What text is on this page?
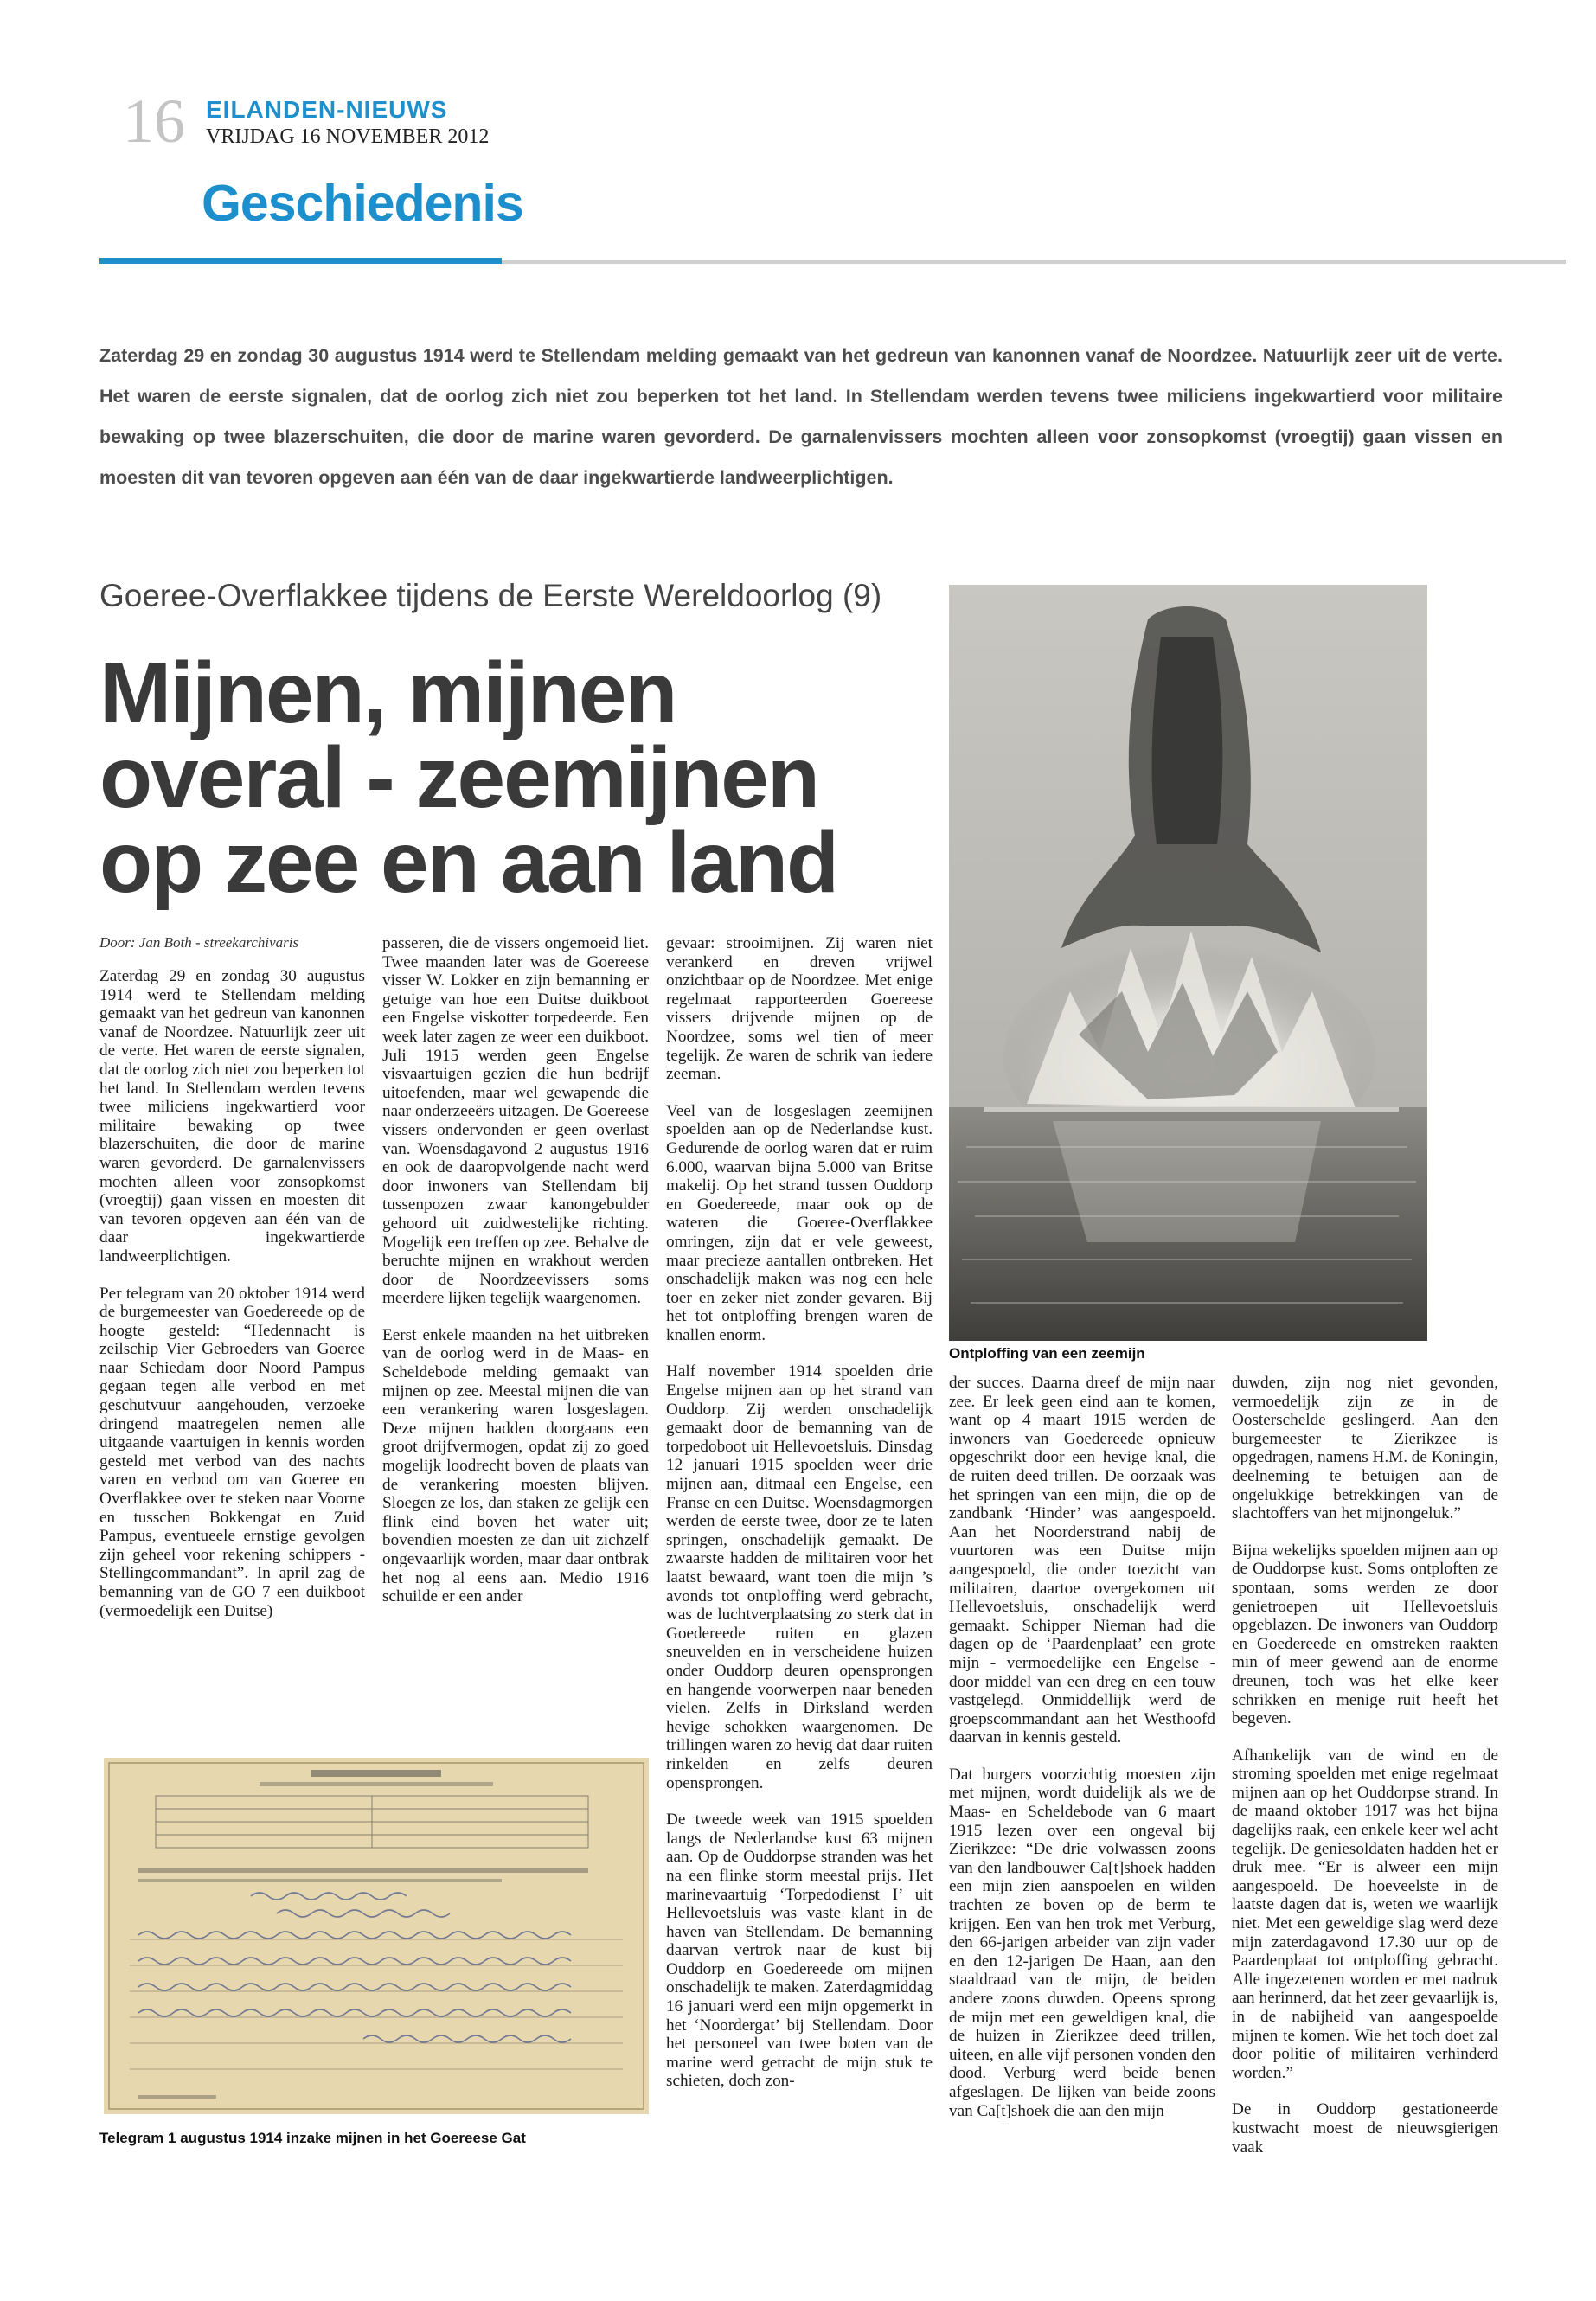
16 EILANDEN-NIEUWS
VRIJDAG 16 NOVEMBER 2012
Geschiedenis

Zaterdag 29 en zondag 30 augustus 1914 werd te Stellendam melding gemaakt van het gedreun van kanonnen vanaf de Noordzee. Natuurlijk zeer uit de verte. Het waren de eerste signalen, dat de oorlog zich niet zou beperken tot het land. In Stellendam werden tevens twee miliciens ingekwartierd voor militaire bewaking op twee blazerschuiten, die door de marine waren gevorderd. De garnalenvissers mochten alleen voor zonsopkomst (vroegtij) gaan vissen en moesten dit van tevoren opgeven aan één van de daar ingekwartierde landweerplichtigen.

Goeree-Overflakkee tijdens de Eerste Wereldoorlog (9)
Mijnen, mijnen overal - zeemijnen op zee en aan land
Door: Jan Both - streekarchivaris

Zaterdag 29 en zondag 30 augustus 1914 werd te Stellendam melding gemaakt van het gedreun van kanonnen vanaf de Noordzee. Natuurlijk zeer uit de verte. Het waren de eerste signalen, dat de oorlog zich niet zou beperken tot het land. In Stellendam werden tevens twee miliciens ingekwartierd voor militaire bewaking op twee blazerschuiten, die door de marine waren gevorderd. De garnalenvissers mochten alleen voor zonsopkomst (vroegtij) gaan vissen en moesten dit van tevoren opgeven aan één van de daar ingekwartierde landweerplichtigen.

Per telegram van 20 oktober 1914 werd de burgemeester van Goedereede op de hoogte gesteld: “Hedennacht is zeilschip Vier Gebroeders van Goeree naar Schiedam door Noord Pampus gegaan tegen alle verbod en met geschutvuur aangehouden, verzoeke dringend maatregelen nemen alle uitgaande vaartuigen in kennis worden gesteld met verbod van des nachts varen en verbod om van Goeree en Overflakkee over te steken naar Voorne en tusschen Bokkengat en Zuid Pampus, eventueele ernstige gevolgen zijn geheel voor rekening schippers - Stellingcommandant”. In april zag de bemanning van de GO 7 een duikboot (vermoedelijk een Duitse)

passeren, die de vissers ongemoeid liet. Twee maanden later was de Goereese visser W. Lokker en zijn bemanning er getuige van hoe een Duitse duikboot een Engelse viskotter torpedeerde. Een week later zagen ze weer een duikboot. Juli 1915 werden geen Engelse visvaartuigen gezien die hun bedrijf uitoefenden, maar wel gewapende die naar onderzeeërs uitzagen. De Goereese vissers ondervonden er geen overlast van. Woensdagavond 2 augustus 1916 en ook de daaropvolgende nacht werd door inwoners van Stellendam bij tussenpozen zwaar kanongebulder gehoord uit zuidwestelijke richting. Mogelijk een treffen op zee. Behalve de beruchte mijnen en wrakhout werden door de Noordzeevissers soms meerdere lijken tegelijk waargenomen.

Eerst enkele maanden na het uitbreken van de oorlog werd in de Maas- en Scheldebode melding gemaakt van mijnen op zee. Meestal mijnen die van een verankering waren losgeslagen. Deze mijnen hadden doorgaans een groot drijfvermogen, opdat zij zo goed mogelijk loodrecht boven de plaats van de verankering moesten blijven. Sloegen ze los, dan staken ze gelijk een flink eind boven het water uit; bovendien moesten ze dan uit zichzelf ongevaarlijk worden, maar daar ontbrak het nog al eens aan. Medio 1916 schuilde er een ander

gevaar: strooimijnen. Zij waren niet verankerd en dreven vrijwel onzichtbaar op de Noordzee. Met enige regelmaat rapporteerden Goereese vissers drijvende mijnen op de Noordzee, soms wel tien of meer tegelijk. Ze waren de schrik van iedere zeeman.

Veel van de losgeslagen zeemijnen spoelden aan op de Nederlandse kust. Gedurende de oorlog waren dat er ruim 6.000, waarvan bijna 5.000 van Britse makelij. Op het strand tussen Ouddorp en Goedereede, maar ook op de wateren die Goeree-Overflakkee omringen, zijn dat er vele geweest, maar precieze aantallen ontbreken. Het onschadelijk maken was nog een hele toer en zeker niet zonder gevaren. Bij het tot ontploffing brengen waren de knallen enorm.

Half november 1914 spoelden drie Engelse mijnen aan op het strand van Ouddorp. Zij werden onschadelijk gemaakt door de bemanning van de torpedoboot uit Hellevoetsluis. Dinsdag 12 januari 1915 spoelden weer drie mijnen aan, ditmaal een Engelse, een Franse en een Duitse. Woensdagmorgen werden de eerste twee, door ze te laten springen, onschadelijk gemaakt. De zwaarste hadden de militairen voor het laatst bewaard, want toen die mijn ’s avonds tot ontploffing werd gebracht, was de luchtverplaatsing zo sterk dat in Goedereede ruiten en glazen sneuvelden en in verscheidene huizen onder Ouddorp deuren opensprongen en hangende voorwerpen naar beneden vielen. Zelfs in Dirksland werden hevige schokken waargenomen. De trillingen waren zo hevig dat daar ruiten rinkelden en zelfs deuren opensprongen.

De tweede week van 1915 spoelden langs de Nederlandse kust 63 mijnen aan. Op de Ouddorpse stranden was het na een flinke storm meestal prijs. Het marinevaartuig ‘Torpedodienst I’ uit Hellevoetsluis was vaste klant in de haven van Stellendam. De bemanning daarvan vertrok naar de kust bij Ouddorp en Goedereede om mijnen onschadelijk te maken. Zaterdagmiddag 16 januari werd een mijn opgemerkt in het ‘Noordergat’ bij Stellendam. Door het personeel van twee boten van de marine werd getracht de mijn stuk te schieten, doch zon-

der succes. Daarna dreef de mijn naar zee. Er leek geen eind aan te komen, want op 4 maart 1915 werden de inwoners van Goedereede opnieuw opgeschrikt door een hevige knal, die de ruiten deed trillen. De oorzaak was het springen van een mijn, die op de zandbank ‘Hinder’ was aangespoeld. Aan het Noorderstrand nabij de vuurtoren was een Duitse mijn aangespoeld, die onder toezicht van militairen, daartoe overgekomen uit Hellevoetsluis, onschadelijk werd gemaakt. Schipper Nieman had die dagen op de ‘Paardenplaat’ een grote mijn - vermoedelijke een Engelse - door middel van een dreg en een touw vastgelegd. Onmiddellijk werd de groepscommandant aan het Westhoofd daarvan in kennis gesteld.

Dat burgers voorzichtig moesten zijn met mijnen, wordt duidelijk als we de Maas- en Scheldebode van 6 maart 1915 lezen over een ongeval bij Zierikzee: “De drie volwassen zoons van den landbouwer Ca[t]shoek hadden een mijn zien aanspoelen en wilden trachten ze boven op de berm te krijgen. Een van hen trok met Verburg, den 66-jarigen arbeider van zijn vader en den 12-jarigen De Haan, aan den staaldraad van de mijn, de beiden andere zoons duwden. Opeens sprong de mijn met een geweldigen knal, die de huizen in Zierikzee deed trillen, uiteen, en alle vijf personen vonden den dood. Verburg werd beide benen afgeslagen. De lijken van beide zoons van Ca[t]shoek die aan den mijn

duwden, zijn nog niet gevonden, vermoedelijk zijn ze in de Oosterschelde geslingerd. Aan den burgemeester te Zierikzee is opgedragen, namens H.M. de Koningin, deelneming te betuigen aan de ongelukkige betrekkingen van de slachtoffers van het mijnongeluk.”

Bijna wekelijks spoelden mijnen aan op de Ouddorpse kust. Soms ontploften ze spontaan, soms werden ze door genietroepen uit Hellevoetsluis opgeblazen. De inwoners van Ouddorp en Goedereede en omstreken raakten min of meer gewend aan de enorme dreunen, toch was het elke keer schrikken en menige ruit heeft het begeven.

Afhankelijk van de wind en de stroming spoelden met enige regelmaat mijnen aan op het Ouddorpse strand. In de maand oktober 1917 was het bijna dagelijks raak, een enkele keer wel acht tegelijk. De geniesoldaten hadden het er druk mee. “Er is alweer een mijn aangespoeld. De hoeveelste in de laatste dagen dat is, weten we waarlijk niet. Met een geweldige slag werd deze mijn zaterdagavond 17.30 uur op de Paardenplaat tot ontploffing gebracht. Alle ingezetenen worden er met nadruk aan herinnerd, dat het zeer gevaarlijk is, in de nabijheid van aangespoelde mijnen te komen. Wie het toch doet zal door politie of militairen verhinderd worden.”

De in Ouddorp gestationeerde kustwacht moest de nieuwsgierigen vaak

Ontploffing van een zeemijn
Telegram 1 augustus 1914 inzake mijnen in het Goereese Gat
